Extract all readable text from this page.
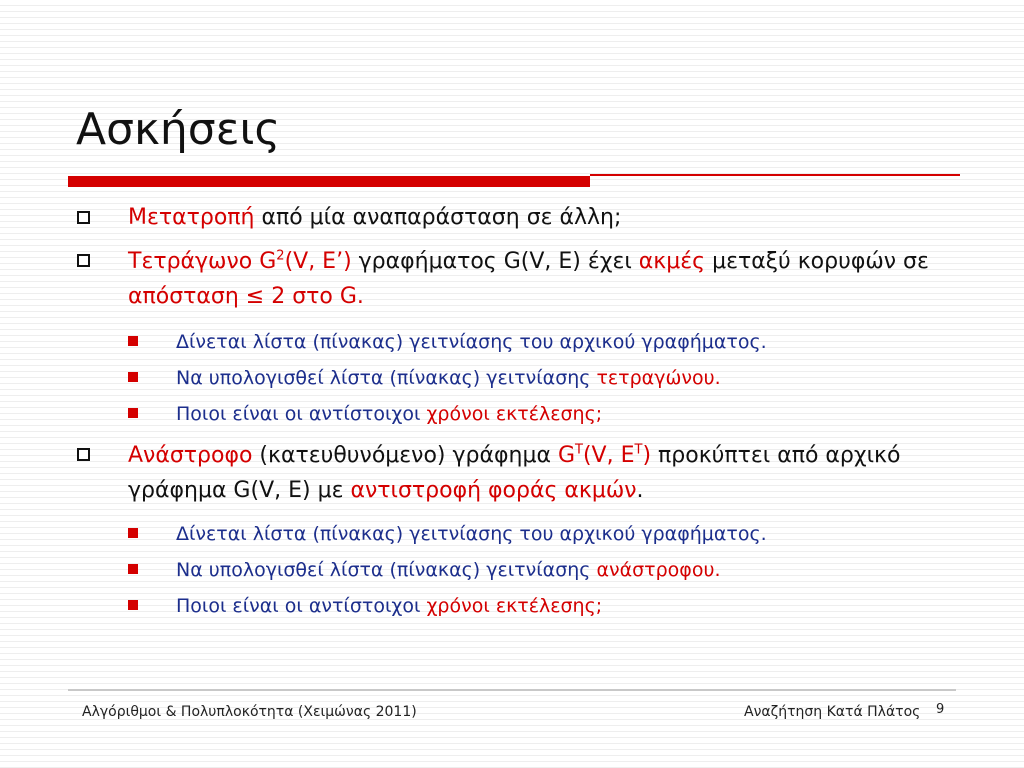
Ασκήσεις
Μετατροπή από μία αναπαράσταση σε άλλη;
Τετράγωνο $G^2(V$, E’) γραφήματος G(V, E) έχει ακμές μεταξύ κορυφών σε απόσταση ≤ 2 στο G.
Δίνεται λίστα (πίνακας) γειτνίασης του αρχικού γραφήματος.
Να υπολογισθεί λίστα (πίνακας) γειτνίασης τετραγώνου.
Ποιοι είναι οι αντίστοιχοι χρόνοι εκτέλεσης;
Ανάστροφο (κατευθυνόμενο) γράφημα $G^T(V$, $E^T$) προκύπτει από αρχικό γράφημα G(V, E) με αντιστροφή φοράς ακμών.
Δίνεται λίστα (πίνακας) γειτνίασης του αρχικού γραφήματος.
Να υπολογισθεί λίστα (πίνακας) γειτνίασης ανάστροφου.
Ποιοι είναι οι αντίστοιχοι χρόνοι εκτέλεσης;
Αλγόριθμοι & Πολυπλοκότητα (Χειμώνας 2011)	Αναζήτηση Κατά Πλάτος 9
